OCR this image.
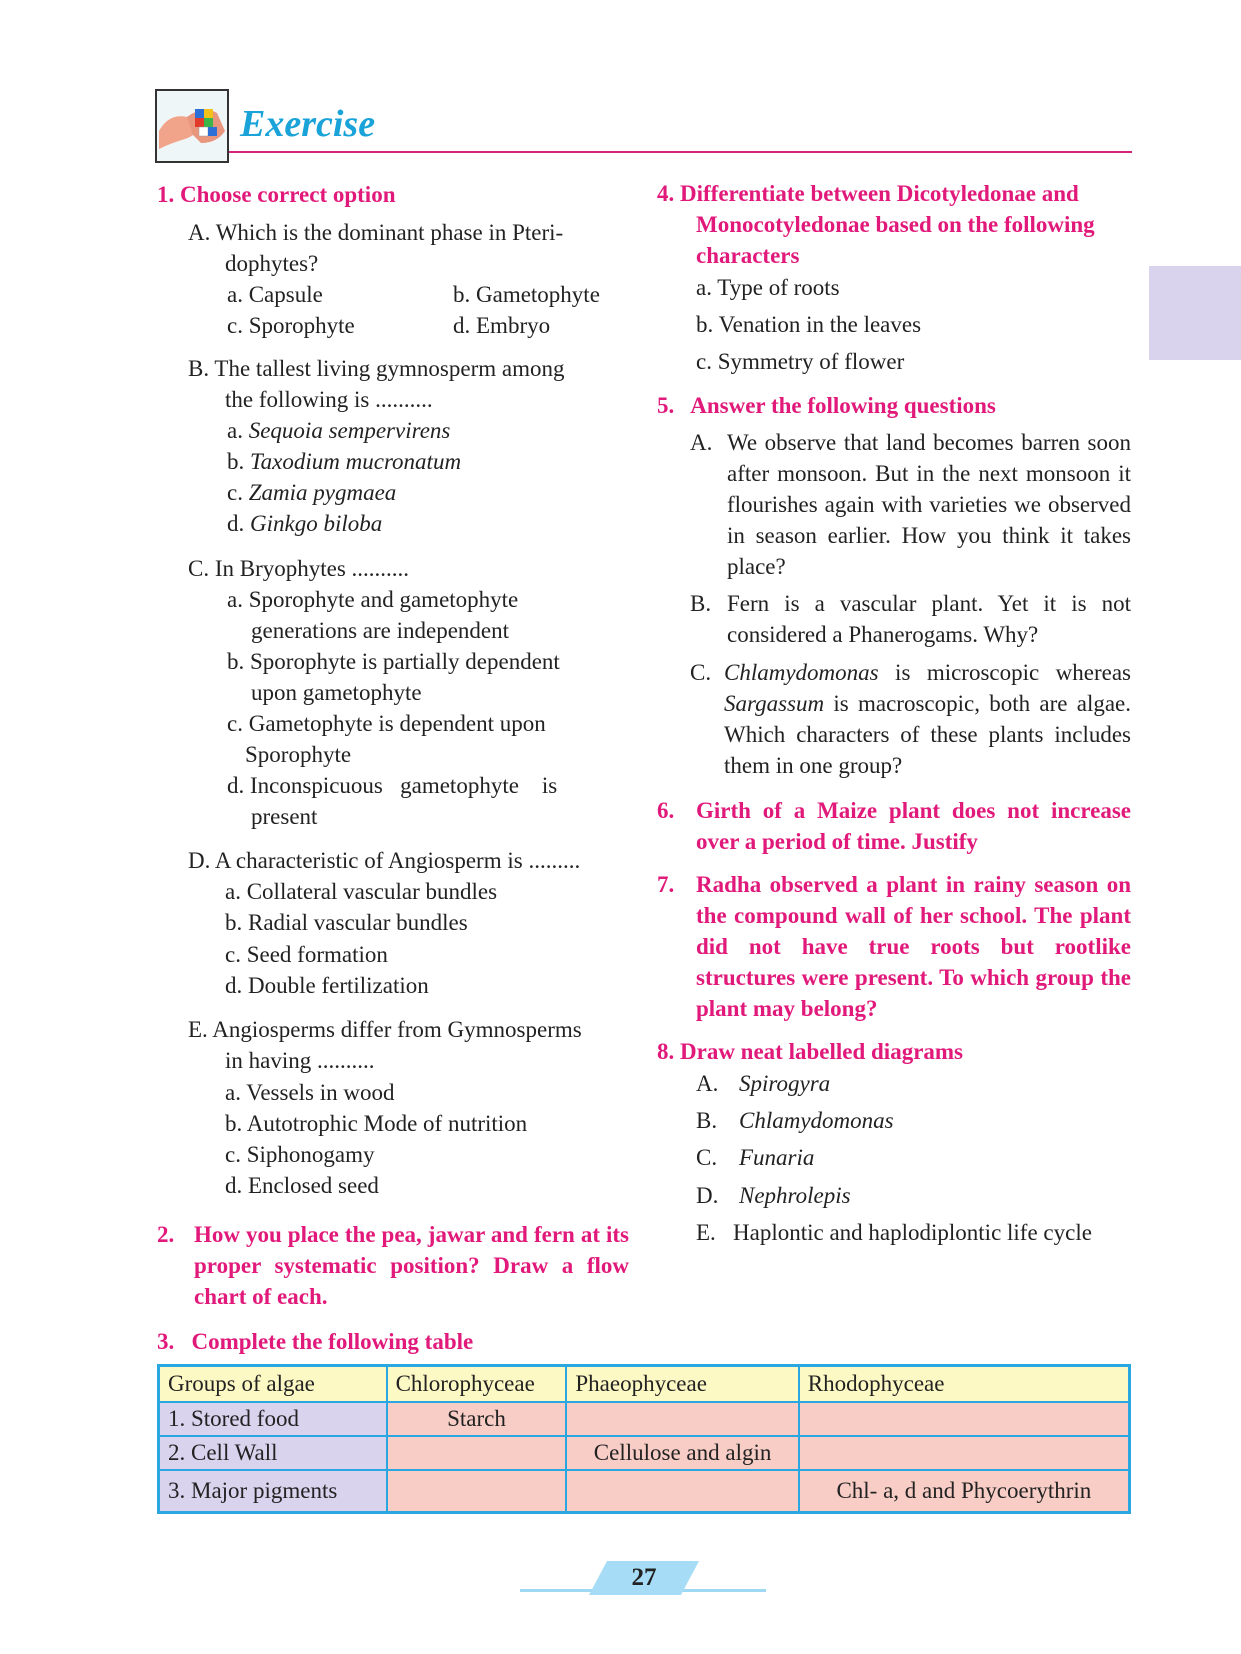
Exercise
1. Choose correct option
A. Which is the dominant phase in Pteri-
dophytes?
a. Capsule	b. Gametophyte
c. Sporophyte	d. Embryo
B. The tallest living gymnosperm among
the following is ..........
a. Sequoia sempervirens
b. Taxodium mucronatum
c. Zamia pygmaea
d. Ginkgo biloba
C. In Bryophytes ..........
a. Sporophyte and gametophyte
generations are independent
b. Sporophyte is partially dependent
upon gametophyte
c. Gametophyte is dependent upon
Sporophyte
d. Inconspicuous   gametophyte    is
present
D. A characteristic of Angiosperm is .........
a. Collateral vascular bundles
b. Radial vascular bundles
c. Seed formation
d. Double fertilization
E. Angiosperms differ from Gymnosperms
in having ..........
a. Vessels in wood
b. Autotrophic Mode of nutrition
c. Siphonogamy
d. Enclosed seed
2. How you place the pea, jawar and fern at its proper systematic position? Draw a flow chart of each.
3.   Complete the following table
Groups of algae	Chlorophyceae	Phaeophyceae	Rhodophyceae
1. Stored food	Starch		
2. Cell Wall		Cellulose and algin	
3. Major pigments			Chl- a, d and Phycoerythrin
4. Differentiate between Dicotyledonae and
Monocotyledonae based on the following
characters
a. Type of roots
b. Venation in the leaves
c. Symmetry of flower
5.   Answer the following questions
A. We observe that land becomes barren soon after monsoon. But in the next monsoon it flourishes again with varieties we observed in season earlier. How you think it takes place?
B. Fern is a vascular plant. Yet it is not considered a Phanerogams. Why?
C. Chlamydomonas is microscopic whereas Sargassum is macroscopic, both are algae. Which characters of these plants includes them in one group?
6. Girth of a Maize plant does not increase over a period of time. Justify
7. Radha observed a plant in rainy season on the compound wall of her school. The plant did not have true roots but rootlike structures were present. To which group the plant may belong?
8. Draw neat labelled diagrams
A. Spirogyra
B. Chlamydomonas
C. Funaria
D. Nephrolepis
E. Haplontic and haplodiplontic life cycle
27
